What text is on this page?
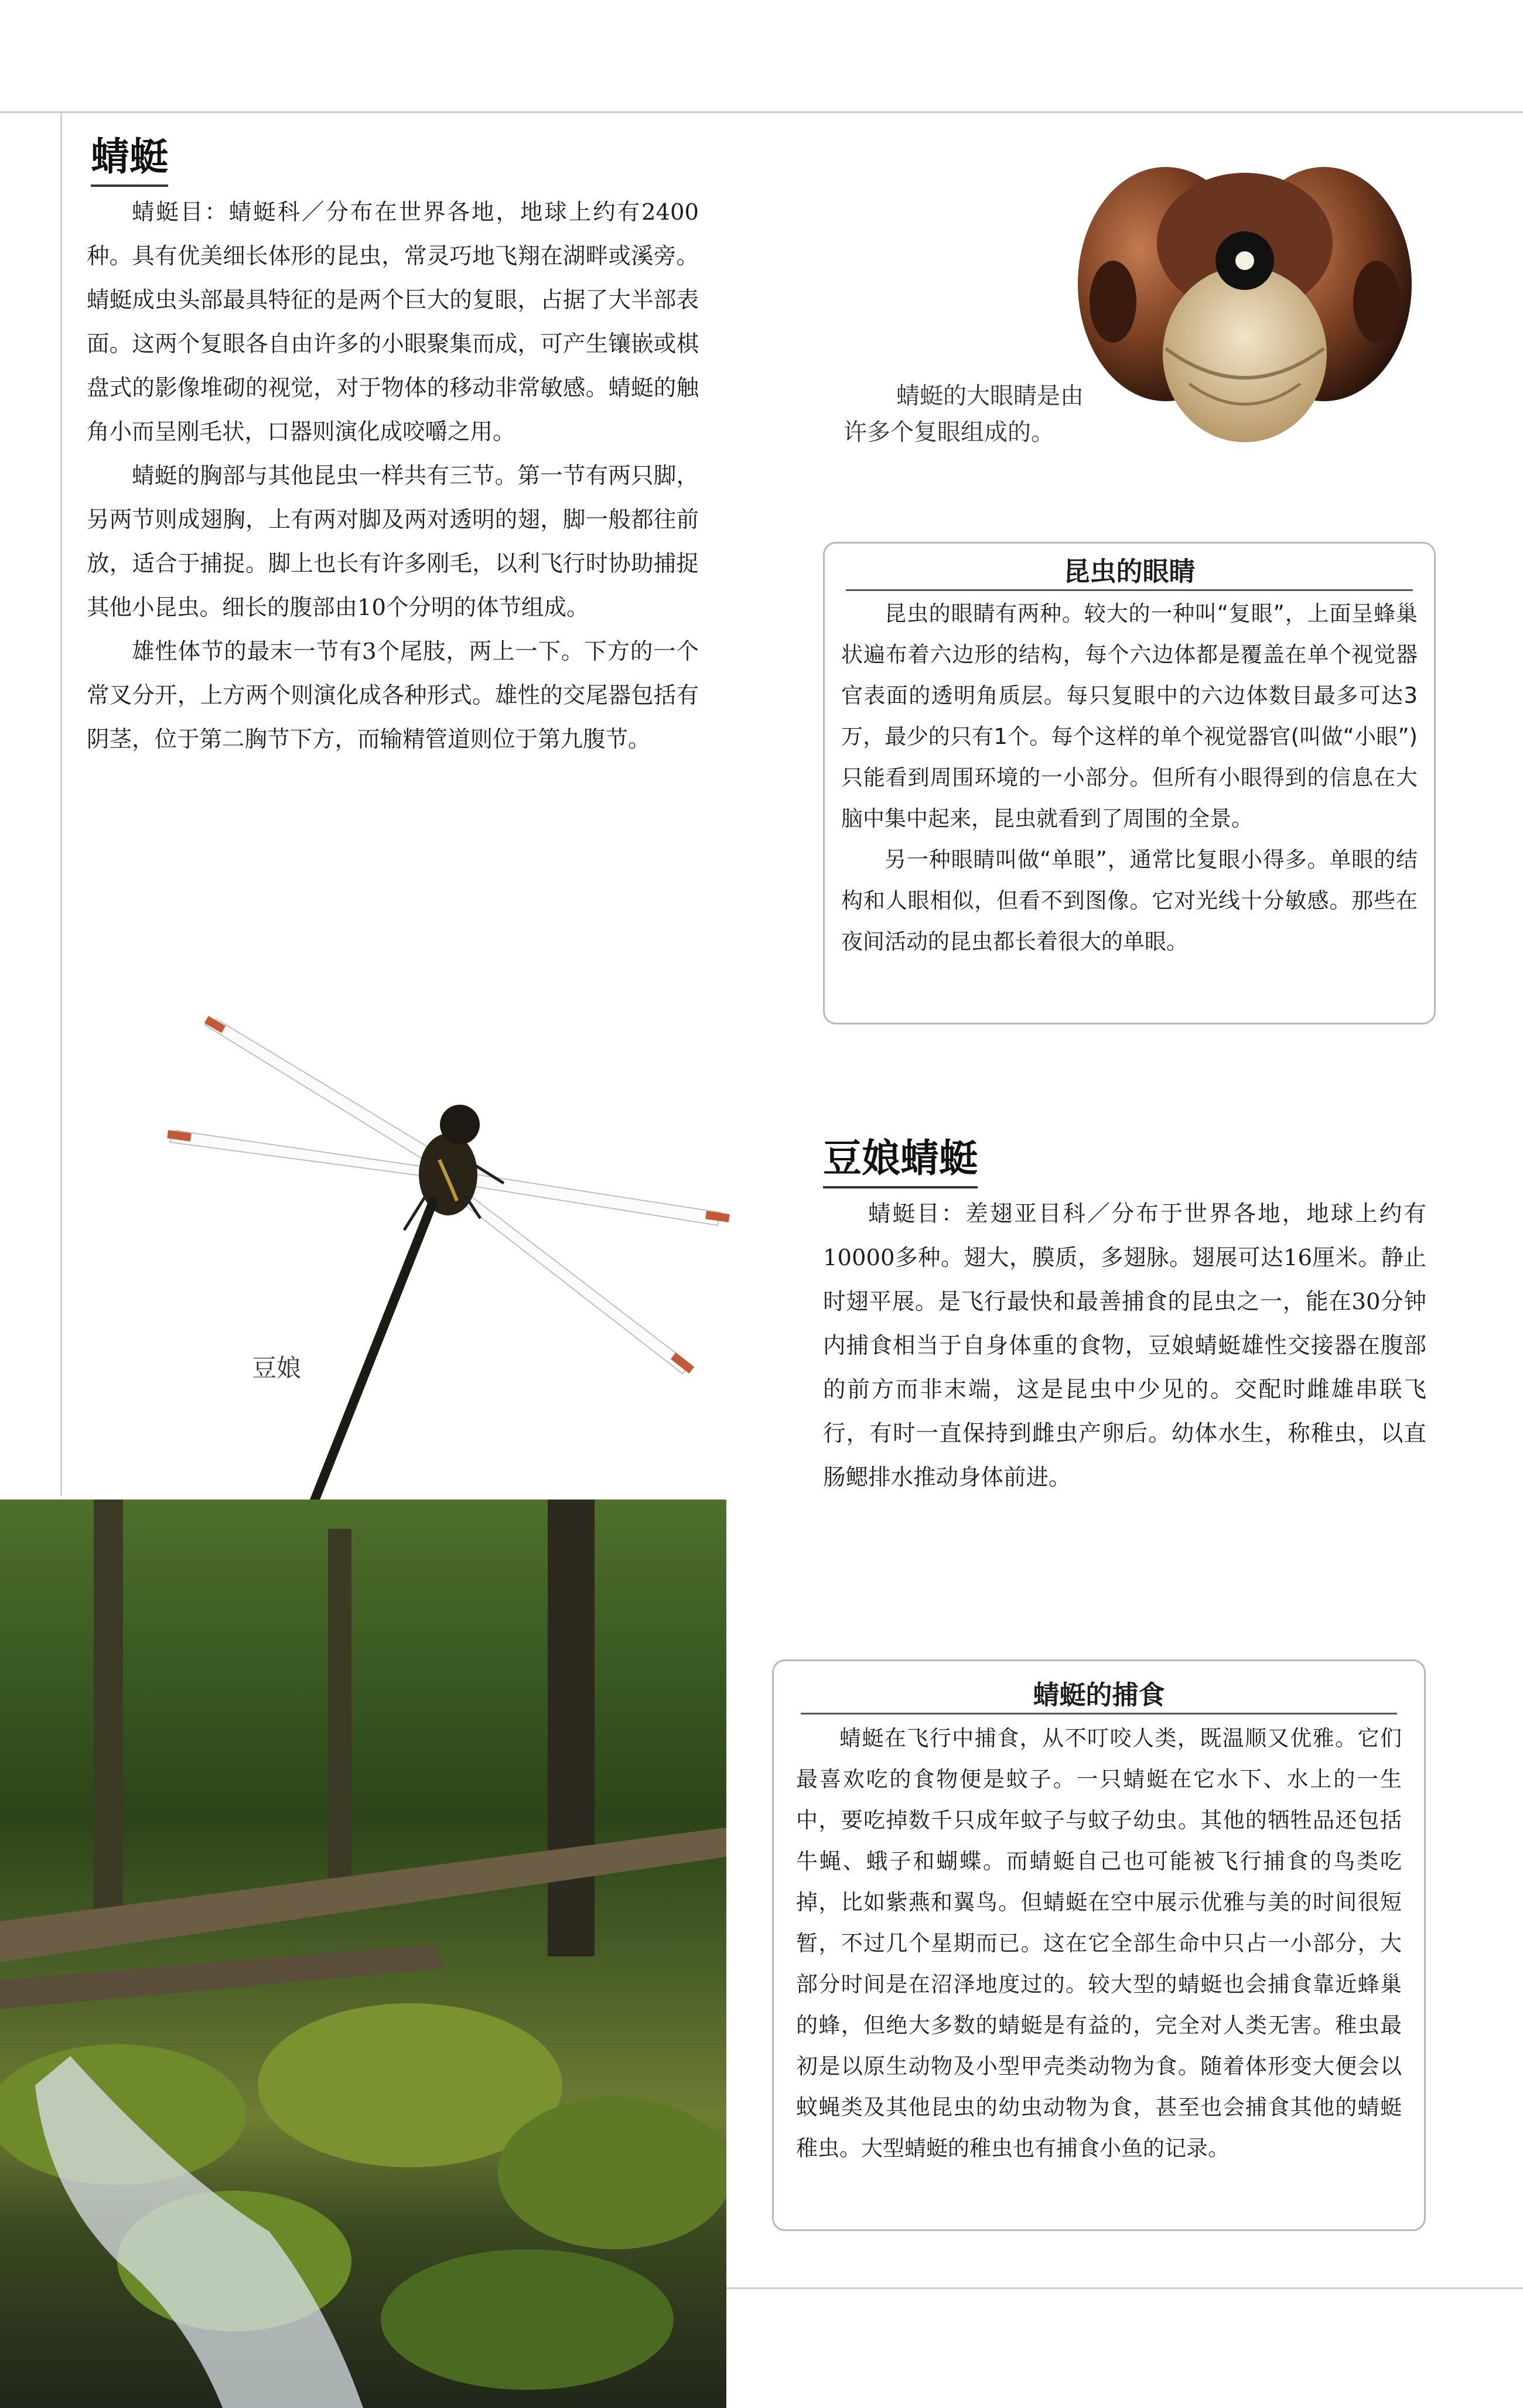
蜻蜓

蜻蜓目：蜻蜓科／分布在世界各地，地球上约有2400种。具有优美细长体形的昆虫，常灵巧地飞翔在湖畔或溪旁。蜻蜓成虫头部最具特征的是两个巨大的复眼，占据了大半部表面。这两个复眼各自由许多的小眼聚集而成，可产生镶嵌或棋盘式的影像堆砌的视觉，对于物体的移动非常敏感。蜻蜓的触角小而呈刚毛状，口器则演化成咬嚼之用。

蜻蜓的胸部与其他昆虫一样共有三节。第一节有两只脚，另两节则成翅胸，上有两对脚及两对透明的翅，脚一般都往前放，适合于捕捉。脚上也长有许多刚毛，以利飞行时协助捕捉其他小昆虫。细长的腹部由10个分明的体节组成。

雄性体节的最末一节有3个尾肢，两上一下。下方的一个常叉分开，上方两个则演化成各种形式。雄性的交尾器包括有阴茎，位于第二胸节下方，而输精管道则位于第九腹节。

蜻蜓的大眼睛是由
许多个复眼组成的。
昆虫的眼睛

昆虫的眼睛有两种。较大的一种叫“复眼”，上面呈蜂巢状遍布着六边形的结构，每个六边体都是覆盖在单个视觉器官表面的透明角质层。每只复眼中的六边体数目最多可达3万，最少的只有1个。每个这样的单个视觉器官(叫做“小眼”)只能看到周围环境的一小部分。但所有小眼得到的信息在大脑中集中起来，昆虫就看到了周围的全景。

另一种眼睛叫做“单眼”，通常比复眼小得多。单眼的结构和人眼相似，但看不到图像。它对光线十分敏感。那些在夜间活动的昆虫都长着很大的单眼。

豆娘
豆娘蜻蜓

蜻蜓目：差翅亚目科／分布于世界各地，地球上约有10000多种。翅大，膜质，多翅脉。翅展可达16厘米。静止时翅平展。是飞行最快和最善捕食的昆虫之一，能在30分钟内捕食相当于自身体重的食物，豆娘蜻蜓雄性交接器在腹部的前方而非末端，这是昆虫中少见的。交配时雌雄串联飞行，有时一直保持到雌虫产卵后。幼体水生，称稚虫，以直肠鳃排水推动身体前进。

蜻蜓的捕食

蜻蜓在飞行中捕食，从不叮咬人类，既温顺又优雅。它们最喜欢吃的食物便是蚊子。一只蜻蜓在它水下、水上的一生中，要吃掉数千只成年蚊子与蚊子幼虫。其他的牺牲品还包括牛蝇、蛾子和蝴蝶。而蜻蜓自己也可能被飞行捕食的鸟类吃掉，比如紫燕和翼鸟。但蜻蜓在空中展示优雅与美的时间很短暂，不过几个星期而已。这在它全部生命中只占一小部分，大部分时间是在沼泽地度过的。较大型的蜻蜓也会捕食靠近蜂巢的蜂，但绝大多数的蜻蜓是有益的，完全对人类无害。稚虫最初是以原生动物及小型甲壳类动物为食。随着体形变大便会以蚊蝇类及其他昆虫的幼虫动物为食，甚至也会捕食其他的蜻蜓稚虫。大型蜻蜓的稚虫也有捕食小鱼的记录。
